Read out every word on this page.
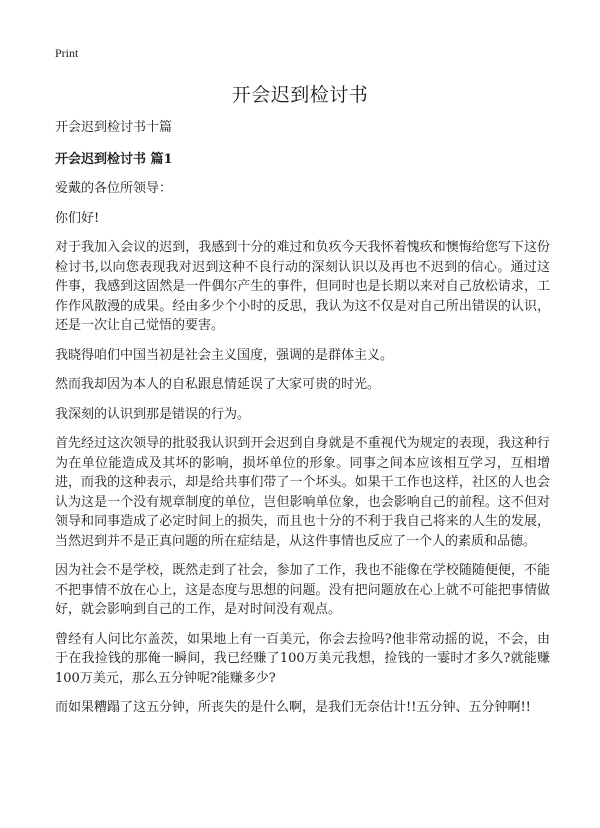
Print
开会迟到检讨书

开会迟到检讨书十篇

开会迟到检讨书 篇1

爱戴的各位所领导：

你们好!

对于我加入会议的迟到，我感到十分的难过和负疚今天我怀着愧疚和懊悔给您写下这份检讨书,以向您表现我对迟到这种不良行动的深刻认识以及再也不迟到的信心。通过这件事，我感到这固然是一件偶尔产生的事件，但同时也是长期以来对自己放松请求，工作作风散漫的成果。经由多少个小时的反思，我认为这不仅是对自己所出错误的认识，还是一次让自己觉悟的要害。

我晓得咱们中国当初是社会主义国度，强调的是群体主义。

然而我却因为本人的自私跟息情延误了大家可贵的时光。

我深刻的认识到那是错误的行为。

首先经过这次领导的批驳我认识到开会迟到自身就是不重视代为规定的表现，我这种行为在单位能造成及其坏的影响，损坏单位的形象。同事之间本应该相互学习，互相增进，而我的这种表示，却是给共事们带了一个坏头。如果干工作也这样，社区的人也会认为这是一个没有规章制度的单位，岂但影响单位象，也会影响自己的前程。这不但对领导和同事造成了必定时间上的损失，而且也十分的不利于我自己将来的人生的发展，当然迟到并不是正真问题的所在症结是，从这件事情也反应了一个人的素质和品德。

因为社会不是学校，既然走到了社会，参加了工作，我也不能像在学校随随便便，不能不把事情不放在心上，这是态度与思想的问题。没有把问题放在心上就不可能把事情做好，就会影响到自己的工作，是对时间没有观点。

曾经有人问比尔盖茨，如果地上有一百美元，你会去捡吗?他非常动摇的说，不会，由于在我捡钱的那俺一瞬间，我已经赚了100万美元我想，捡钱的一霎时才多久?就能赚100万美元，那么五分钟呢?能赚多少?

而如果糟蹋了这五分钟，所丧失的是什么啊，是我们无奈估计!!五分钟、五分钟啊!!
